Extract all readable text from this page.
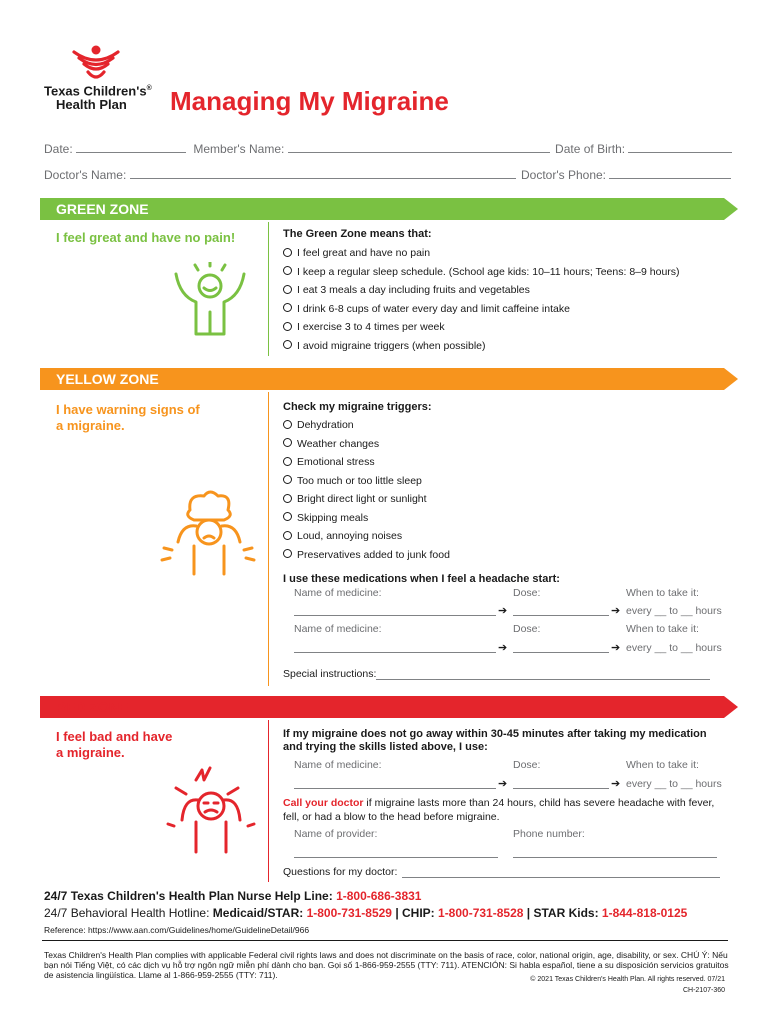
Texas Children's®
Health Plan	Managing My Migraine
Date:	Member's Name:	Date of Birth:
Doctor's Name:	Doctor's Phone:
GREEN ZONE
I feel great and have no pain!	The Green Zone means that:
I feel great and have no pain
I keep a regular sleep schedule. (School age kids: 10–11 hours; Teens: 8–9 hours)
I eat 3 meals a day including fruits and vegetables
I drink 6-8 cups of water every day and limit caffeine intake
I exercise 3 to 4 times per week
I avoid migraine triggers (when possible)
YELLOW ZONE
I have warning signs of
a migraine.
Check my migraine triggers:
Dehydration
Weather changes
Emotional stress
Too much or too little sleep
Bright direct light or sunlight
Skipping meals
Loud, annoying noises
Preservatives added to junk food
I use these medications when I feel a headache start:
Name of medicine:	Dose:	When to take it:
➔	➔ every __ to __ hours
Name of medicine:	Dose:	When to take it:
➔	➔ every __ to __ hours
Special instructions:
RED ZONE
I feel bad and have
a migraine.
If my migraine does not go away within 30-45 minutes after taking my medication
and trying the skills listed above, I use:
Name of medicine:	Dose:	When to take it:
➔	➔ every __ to __ hours
Call your doctor if migraine lasts more than 24 hours, child has severe headache with fever,
fell, or had a blow to the head before migraine.
Name of provider:	Phone number:
Questions for my doctor:
24/7 Texas Children's Health Plan Nurse Help Line: 1-800-686-3831
24/7 Behavioral Health Hotline: Medicaid/STAR: 1-800-731-8529 | CHIP: 1-800-731-8528 | STAR Kids: 1-844-818-0125
Reference: https://www.aan.com/Guidelines/home/GuidelineDetail/966
Texas Children's Health Plan complies with applicable Federal civil rights laws and does not discriminate on the basis of race, color, national origin, age, disability, or sex. CHÚ Ý: Nếu
bạn nói Tiếng Việt, có các dịch vụ hỗ trợ ngôn ngữ miễn phí dành cho bạn. Gọi số 1-866-959-2555 (TTY: 711). ATENCIÓN: Si habla español, tiene a su disposición servicios gratuitos
de asistencia lingüística. Llame al 1-866-959-2555 (TTY: 711).	© 2021 Texas Children's Health Plan. All rights reserved. 07/21
CH-2107-360
